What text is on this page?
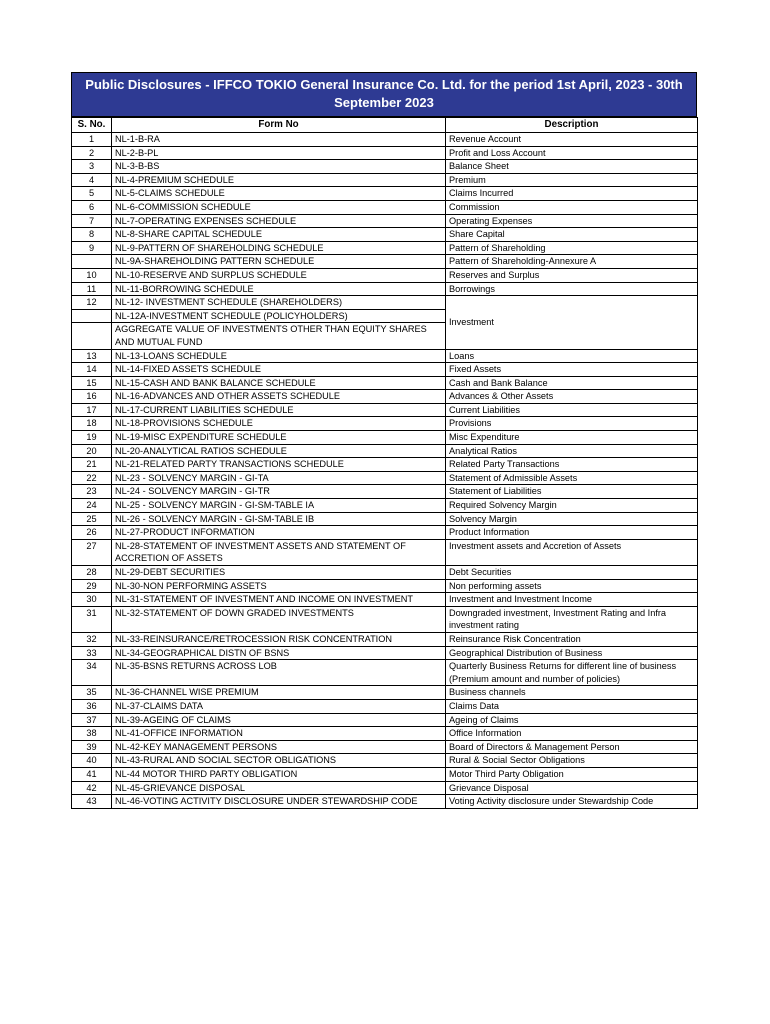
Public Disclosures - IFFCO TOKIO General Insurance Co. Ltd. for the period 1st April, 2023 - 30th September 2023
S. No.	Form No	Description
1	NL-1-B-RA	Revenue Account
2	NL-2-B-PL	Profit and Loss Account
3	NL-3-B-BS	Balance Sheet
4	NL-4-PREMIUM SCHEDULE	Premium
5	NL-5-CLAIMS SCHEDULE	Claims Incurred
6	NL-6-COMMISSION SCHEDULE	Commission
7	NL-7-OPERATING EXPENSES SCHEDULE	Operating Expenses
8	NL-8-SHARE CAPITAL SCHEDULE	Share Capital
9	NL-9-PATTERN OF SHAREHOLDING SCHEDULE	Pattern of Shareholding
	NL-9A-SHAREHOLDING PATTERN SCHEDULE	Pattern of Shareholding-Annexure A
10	NL-10-RESERVE AND SURPLUS SCHEDULE	Reserves and Surplus
11	NL-11-BORROWING SCHEDULE	Borrowings
12	NL-12- INVESTMENT SCHEDULE (SHAREHOLDERS)	Investment
	NL-12A-INVESTMENT SCHEDULE (POLICYHOLDERS)	
	AGGREGATE VALUE OF INVESTMENTS OTHER THAN EQUITY SHARES AND MUTUAL FUND	
13	NL-13-LOANS SCHEDULE	Loans
14	NL-14-FIXED ASSETS SCHEDULE	Fixed Assets
15	NL-15-CASH AND BANK BALANCE SCHEDULE	Cash and Bank Balance
16	NL-16-ADVANCES AND OTHER ASSETS SCHEDULE	Advances & Other Assets
17	NL-17-CURRENT LIABILITIES SCHEDULE	Current Liabilities
18	NL-18-PROVISIONS SCHEDULE	Provisions
19	NL-19-MISC EXPENDITURE SCHEDULE	Misc Expenditure
20	NL-20-ANALYTICAL RATIOS SCHEDULE	Analytical Ratios
21	NL-21-RELATED PARTY TRANSACTIONS SCHEDULE	Related Party Transactions
22	NL-23 - SOLVENCY MARGIN - GI-TA	Statement of Admissible Assets
23	NL-24 - SOLVENCY MARGIN - GI-TR	Statement of Liabilities
24	NL-25 - SOLVENCY MARGIN - GI-SM-TABLE IA	Required Solvency Margin
25	NL-26 - SOLVENCY MARGIN - GI-SM-TABLE IB	Solvency Margin
26	NL-27-PRODUCT INFORMATION	Product Information
27	NL-28-STATEMENT OF INVESTMENT ASSETS AND STATEMENT OF ACCRETION OF ASSETS	Investment assets and Accretion of Assets
28	NL-29-DEBT SECURITIES	Debt Securities
29	NL-30-NON PERFORMING ASSETS	Non performing assets
30	NL-31-STATEMENT OF INVESTMENT AND INCOME ON INVESTMENT	Investment and Investment Income
31	NL-32-STATEMENT OF DOWN GRADED INVESTMENTS	Downgraded investment, Investment Rating and Infra investment rating
32	NL-33-REINSURANCE/RETROCESSION RISK CONCENTRATION	Reinsurance Risk Concentration
33	NL-34-GEOGRAPHICAL DISTN OF BSNS	Geographical Distribution of Business
34	NL-35-BSNS RETURNS ACROSS LOB	Quarterly Business Returns for different line of business (Premium amount and number of policies)
35	NL-36-CHANNEL WISE PREMIUM	Business channels
36	NL-37-CLAIMS DATA	Claims Data
37	NL-39-AGEING OF CLAIMS	Ageing of Claims
38	NL-41-OFFICE INFORMATION	Office Information
39	NL-42-KEY MANAGEMENT PERSONS	Board of Directors & Management Person
40	NL-43-RURAL AND SOCIAL SECTOR OBLIGATIONS	Rural & Social Sector Obligations
41	NL-44 MOTOR THIRD PARTY OBLIGATION	Motor Third Party Obligation
42	NL-45-GRIEVANCE DISPOSAL	Grievance Disposal
43	NL-46-VOTING ACTIVITY DISCLOSURE UNDER STEWARDSHIP CODE	Voting Activity disclosure under Stewardship Code
